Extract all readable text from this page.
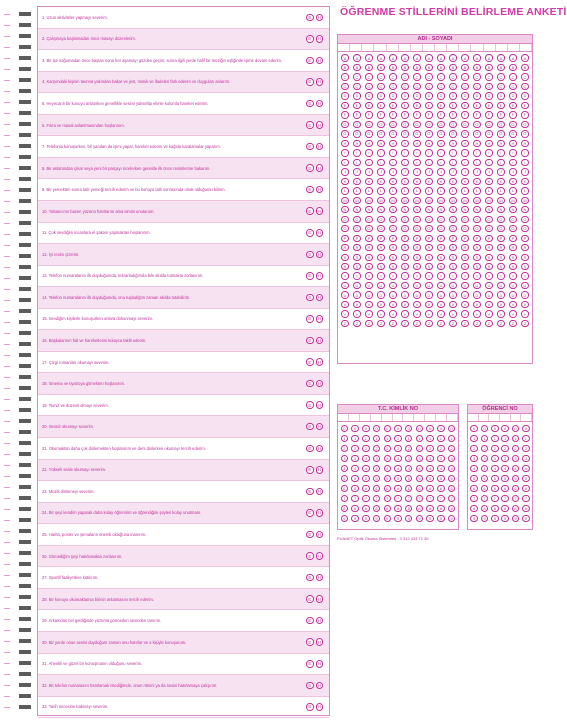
1. Uzun aktiviteler yapmayı severim.	E	H
2. Çalışmaya başlamadan önce masayı düzenlerim.	E	H
3. Bir işe soğumadan önce baştan sona her aşamayı gözden geçirir, sonra ilgili yerde hafif bir müziğin eşliğinde işime devam ederim.	E	H
4. Karşımdaki kişinin tavrına yakından bakar ve jest, mimik ve ifadeleri fark ederim ve duyguları anlarım.	E	H
5. Heyecanlı bir konuyu anlatırken genellikle sesimi yükseltip elimle kolumla hareket ederim.	E	H
6. Fıkra ve masal anlatılmasından hoşlanırım.	E	H
7. Telefonla konuşurken, bir yandan da işimi yapar, hareket ederim ve kağıda karalamalar yaparım.	E	H
8. Bir anlatımdan çıkar veya yeni bir parçayı incelerken genelde ilk önce resimlerine bakarım.	E	H
9. Bir yemekten sonra tatlı yemeği tercih ederim ve bu konuyu tatlı sonrasında ortak olduğumu bilirim.	E	H
10. Yabancının bazen yüzünü hatırlarım ama ismini unuturum.	E	H
11. Çok sevdiğim insanlara el şakası yapmaktan hoşlanırım.	E	H
12. İyi resim çizerim.	E	H
13. Telefon numaralarını ilk duyduğumda, tekrarladığımda bile akılda tutmakta zorlanırım.	E	H
14. Telefon numaralarını ilk duyduğumda, onu tuşladığım zaman akılda tutabilirim.	E	H
15. Sevdiğim kişilerle konuşurken onlara dokunmayı severim.	E	H
16. Başkalarının hal ve hareketlerini kolayca taklit ederim.	E	H
17. Çizgi romanları okumayı severim.	E	H
18. Sinema ve tiyatroya gitmekten hoşlanırım.	E	H
19. Temiz ve düzenli olmayı severim.	E	H
20. Sessiz okumayı severim.	E	H
21. Okumaktan daha çok dinlemekten hoşlanırım ve ders dinlerken okumayı tercih ederim.	E	H
22. Yüksek sesle okumayı severim.	E	H
23. Müzik dinlemeyi severim.	E	H
24. Bir şeyi kendim yaparak daha kolay öğrenirim ve öğrendiğim şeyleri kolay unutmam.	E	H
25. Harita, poster ve şemaların önemli olduğuna inanırım.	E	H
26. Gömediğim şeyi hatırlamakta zorlanırım.	E	H
27. Sportif faaliyetlere katılırım.	E	H
28. Bir konuyu okumaktansa birinin anlatmasını tercih ederim.	E	H
29. Arkamdan biri geldiğinde yüzümü görmeden sesinden tanırım.	E	H
30. Bir yerde onun sesini duyduğum zaman onu hatırlar ve o kişiyle konuşurum.	E	H
31. Ahenkli ve güzel bir konuşmanın olduğunu severim.	E	H
32. Bir telefon numarasını hatırlamak istediğimde, onun ritmini ya da sesini hatırlamaya çalışırım.	E	H
33. Tarih öncesine bakmayı severim.	E	H
ÖĞRENME STİLLERİNİ BELİRLEME ANKETİ
ADI - SOYADI
A	A	A	A	A	A	A	A	A	A	A	A	A	A	A	A
B	B	B	B	B	B	B	B	B	B	B	B	B	B	B	B
C	C	C	C	C	C	C	C	C	C	C	C	C	C	C	C
Ç	Ç	Ç	Ç	Ç	Ç	Ç	Ç	Ç	Ç	Ç	Ç	Ç	Ç	Ç	Ç
D	D	D	D	D	D	D	D	D	D	D	D	D	D	D	D
E	E	E	E	E	E	E	E	E	E	E	E	E	E	E	E
F	F	F	F	F	F	F	F	F	F	F	F	F	F	F	F
G	G	G	G	G	G	G	G	G	G	G	G	G	G	G	G
Ğ	Ğ	Ğ	Ğ	Ğ	Ğ	Ğ	Ğ	Ğ	Ğ	Ğ	Ğ	Ğ	Ğ	Ğ	Ğ
H	H	H	H	H	H	H	H	H	H	H	H	H	H	H	H
I	I	I	I	I	I	I	I	I	I	I	I	I	I	I	I
İ	İ	İ	İ	İ	İ	İ	İ	İ	İ	İ	İ	İ	İ	İ	İ
J	J	J	J	J	J	J	J	J	J	J	J	J	J	J	J
K	K	K	K	K	K	K	K	K	K	K	K	K	K	K	K
L	L	L	L	L	L	L	L	L	L	L	L	L	L	L	L
M	M	M	M	M	M	M	M	M	M	M	M	M	M	M	M
N	N	N	N	N	N	N	N	N	N	N	N	N	N	N	N
O	O	O	O	O	O	O	O	O	O	O	O	O	O	O	O
Ö	Ö	Ö	Ö	Ö	Ö	Ö	Ö	Ö	Ö	Ö	Ö	Ö	Ö	Ö	Ö
P	P	P	P	P	P	P	P	P	P	P	P	P	P	P	P
R	R	R	R	R	R	R	R	R	R	R	R	R	R	R	R
S	S	S	S	S	S	S	S	S	S	S	S	S	S	S	S
Ş	Ş	Ş	Ş	Ş	Ş	Ş	Ş	Ş	Ş	Ş	Ş	Ş	Ş	Ş	Ş
T	T	T	T	T	T	T	T	T	T	T	T	T	T	T	T
U	U	U	U	U	U	U	U	U	U	U	U	U	U	U	U
Ü	Ü	Ü	Ü	Ü	Ü	Ü	Ü	Ü	Ü	Ü	Ü	Ü	Ü	Ü	Ü
V	V	V	V	V	V	V	V	V	V	V	V	V	V	V	V
Y	Y	Y	Y	Y	Y	Y	Y	Y	Y	Y	Y	Y	Y	Y	Y
Z	Z	Z	Z	Z	Z	Z	Z	Z	Z	Z	Z	Z	Z	Z	Z
T.C. KİMLİK NO
0	0	0	0	0	0	0	0	0	0	0
1	1	1	1	1	1	1	1	1	1	1
2	2	2	2	2	2	2	2	2	2	2
3	3	3	3	3	3	3	3	3	3	3
4	4	4	4	4	4	4	4	4	4	4
5	5	5	5	5	5	5	5	5	5	5
6	6	6	6	6	6	6	6	6	6	6
7	7	7	7	7	7	7	7	7	7	7
8	8	8	8	8	8	8	8	8	8	8
9	9	9	9	9	9	9	9	9	9	9
ÖĞRENCİ NO
0	0	0	0	0	0
1	1	1	1	1	1
2	2	2	2	2	2
3	3	3	3	3	3
4	4	4	4	4	4
5	5	5	5	5	5
6	6	6	6	6	6
7	7	7	7	7	7
8	8	8	8	8	8
9	9	9	9	9	9
PUANET Optik Okuma Sistemleri : 0 312 433 71 30
